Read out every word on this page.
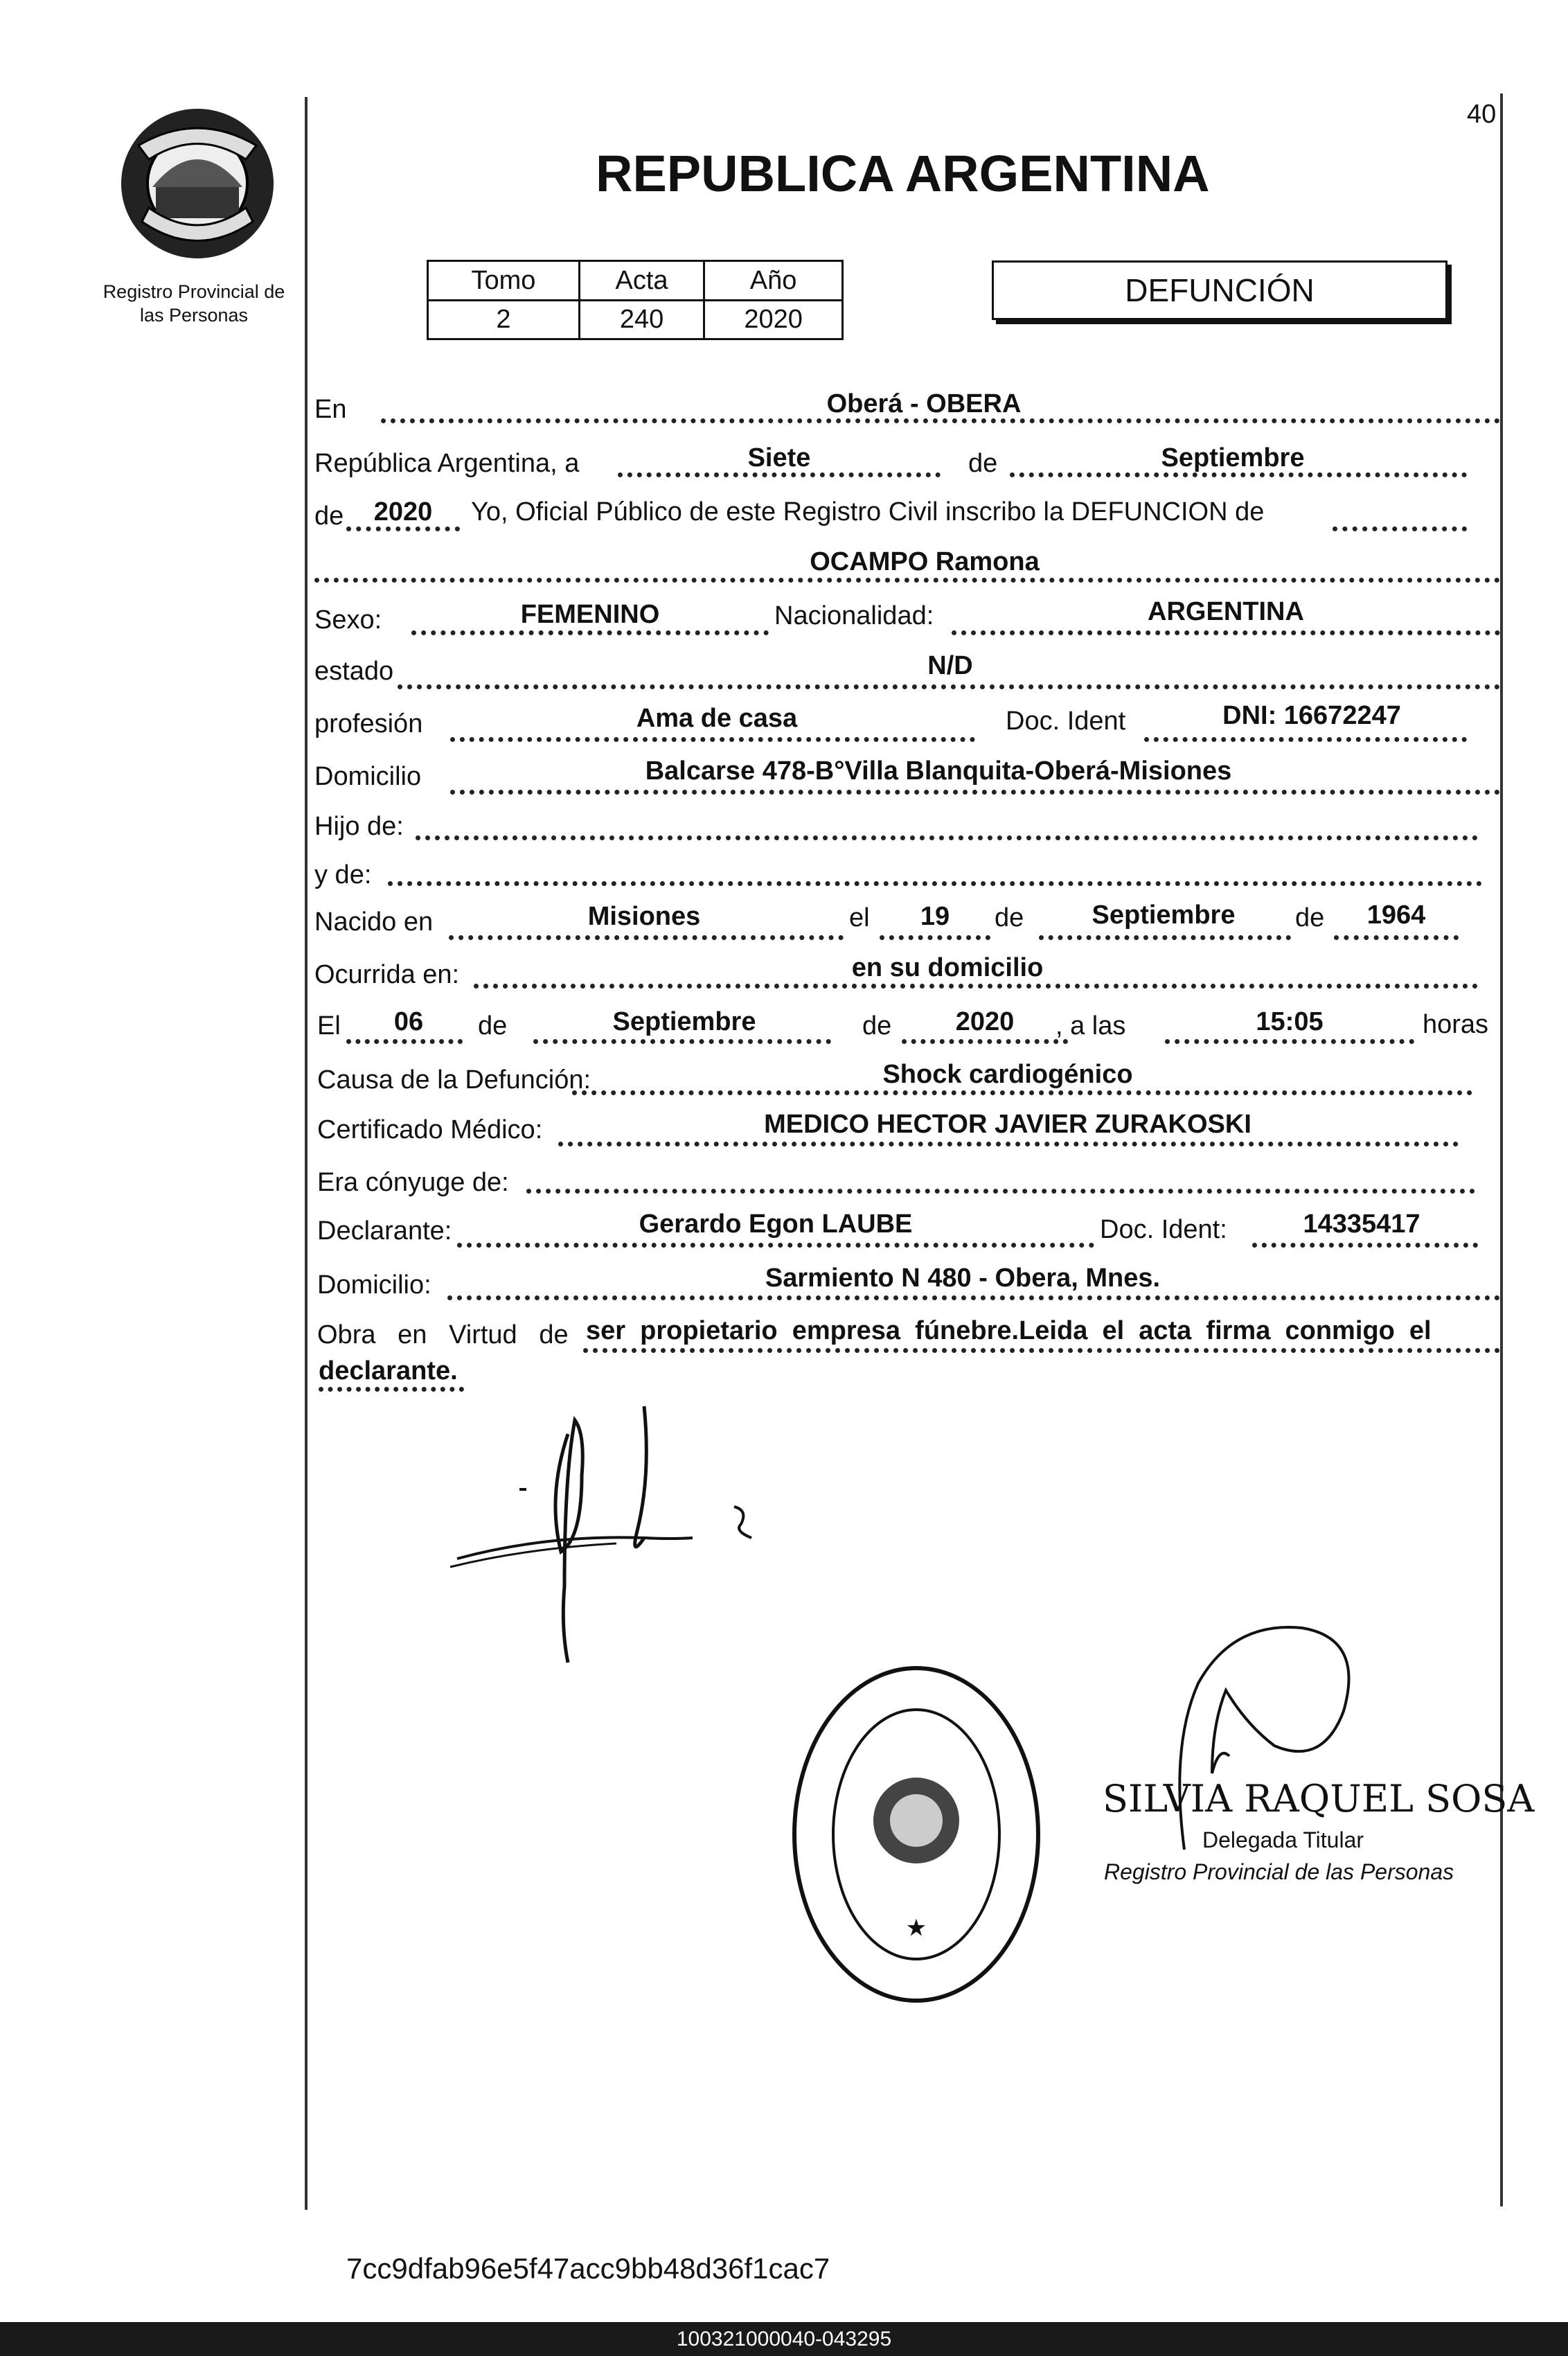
Registro Provincial de
las Personas
40
REPUBLICA ARGENTINA
Tomo	Acta	Año
2	240	2020
DEFUNCIÓN
En	Oberá - OBERA
República Argentina, a	Siete	de	Septiembre
de	2020	Yo, Oficial Público de este Registro Civil inscribo la DEFUNCION de
OCAMPO Ramona
Sexo:	FEMENINO	Nacionalidad:	ARGENTINA
estado	N/D
profesión	Ama de casa	Doc. Ident	DNI: 16672247
Domicilio	Balcarse 478-B°Villa Blanquita-Oberá-Misiones
Hijo de:
y de:
Nacido en	Misiones	el	19	de	Septiembre	de	1964
Ocurrida en:	en su domicilio
El	06	de	Septiembre	de	2020	, a las	15:05	horas
Causa de la Defunción:	Shock cardiogénico
Certificado Médico:	MEDICO HECTOR JAVIER ZURAKOSKI
Era cónyuge de:
Declarante:	Gerardo Egon LAUBE	Doc. Ident:	14335417
Domicilio:	Sarmiento N 480 - Obera, Mnes.
Obra   en   Virtud   de ser  propietario  empresa  fúnebre.Leida  el  acta  firma  conmigo  el
declarante.
★
SILVIA RAQUEL SOSA
Delegada Titular
Registro Provincial de las Personas
7cc9dfab96e5f47acc9bb48d36f1cac7
100321000040-043295
